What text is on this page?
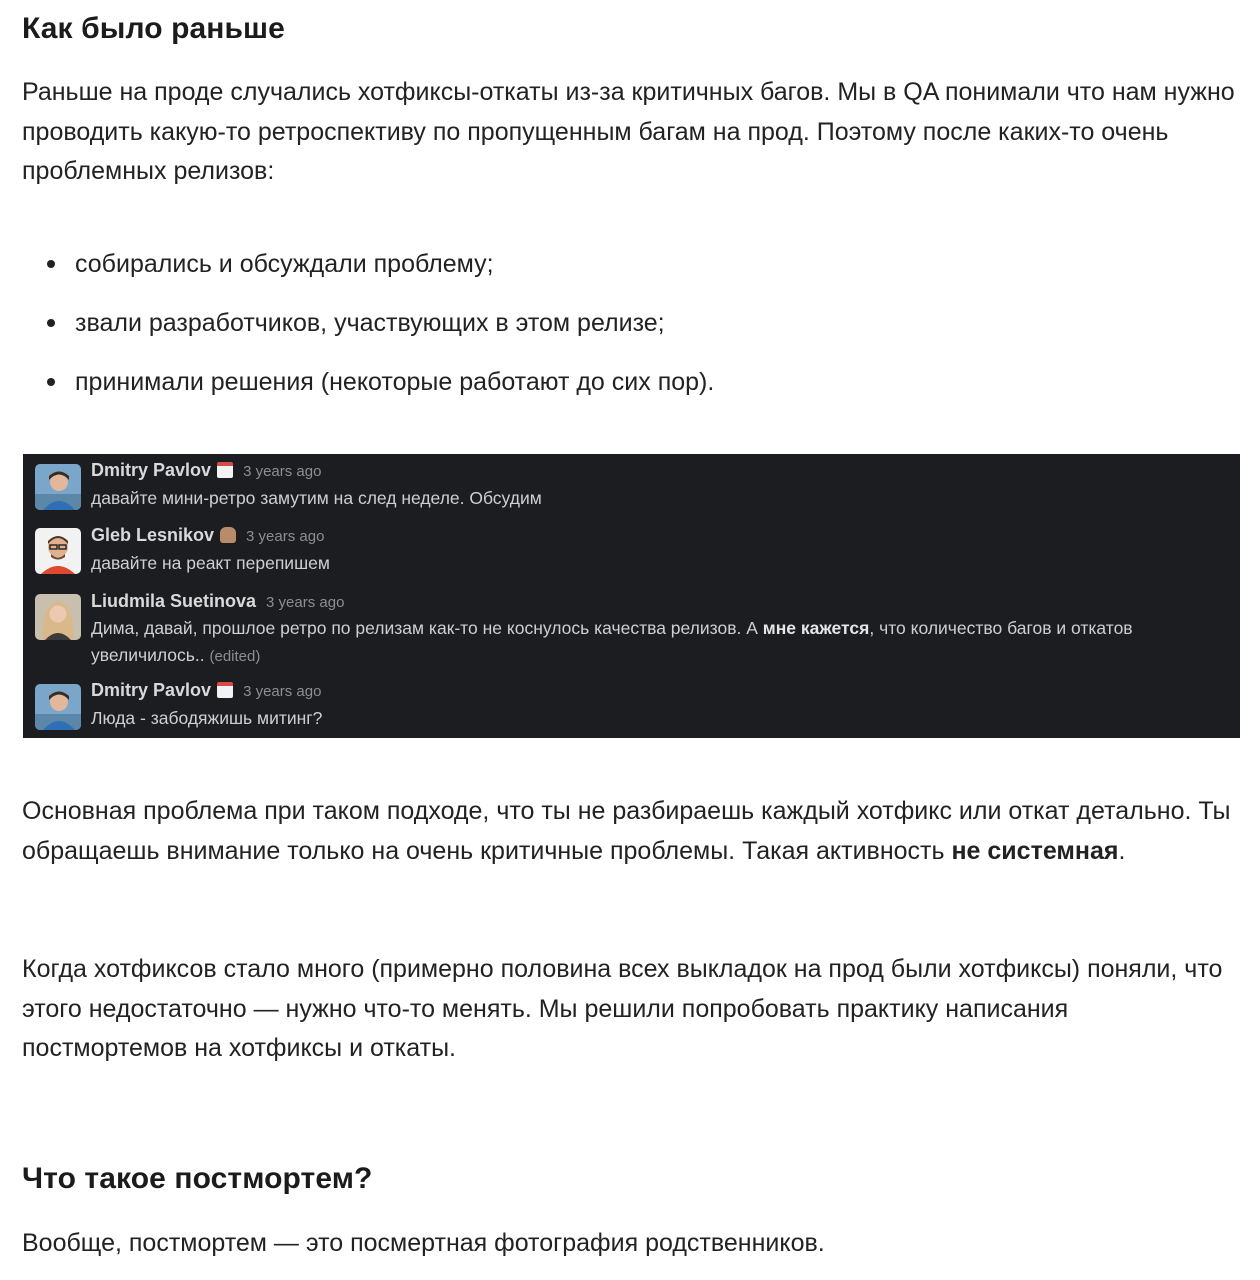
Как было раньше

Раньше на проде случались хотфиксы-откаты из-за критичных багов. Мы в QA понимали что нам нужно проводить какую-то ретроспективу по пропущенным багам на прод. Поэтому после каких-то очень проблемных релизов:

собирались и обсуждали проблему;
звали разработчиков, участвующих в этом релизе;
принимали решения (некоторые работают до сих пор).
Dmitry Pavlov 3 years ago
давайте мини-ретро замутим на след неделе. Обсудим
Gleb Lesnikov 3 years ago
давайте на реакт перепишем
Liudmila Suetinova 3 years ago
Дима, давай, прошлое ретро по релизам как-то не коснулось качества релизов. А мне кажется, что количество багов и откатов увеличилось.. (edited)
Dmitry Pavlov 3 years ago
Люда - забодяжишь митинг?

Основная проблема при таком подходе, что ты не разбираешь каждый хотфикс или откат детально. Ты обращаешь внимание только на очень критичные проблемы. Такая активность не системная.

Когда хотфиксов стало много (примерно половина всех выкладок на прод были хотфиксы) поняли, что этого недостаточно — нужно что-то менять. Мы решили попробовать практику написания постмортемов на хотфиксы и откаты.

Что такое постмортем?

Вообще, постмортем — это посмертная фотография родственников.
